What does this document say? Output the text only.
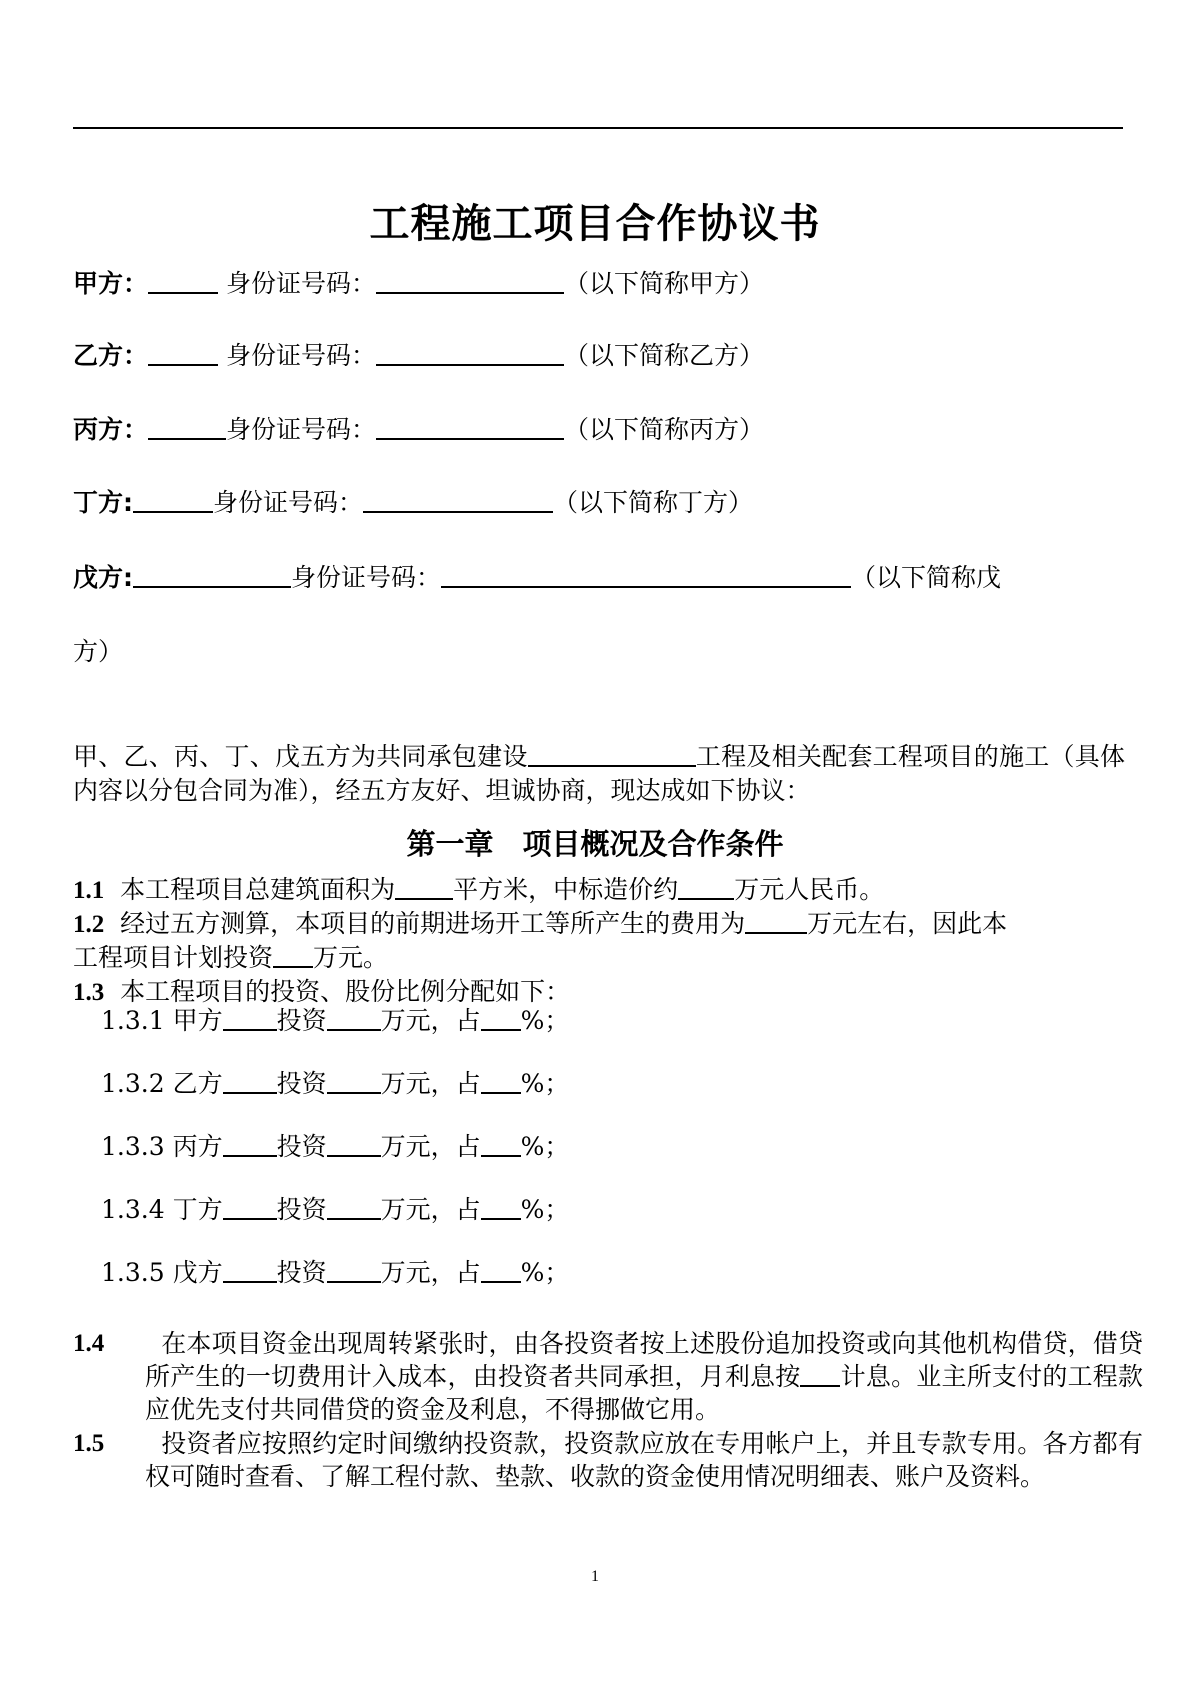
工程施工项目合作协议书
甲方：	身份证号码：	（以下简称甲方）
乙方：	身份证号码：	（以下简称乙方）
丙方：	身份证号码：	（以下简称丙方）
丁方:	身份证号码：	（以下简称丁方）
戊方:	身份证号码：	（以下简称戊
方）
甲、乙、丙、丁、戊五方为共同承包建设	工程及相关配套工程项目的施工（具体内容以分包合同为准），经五方友好、坦诚协商，现达成如下协议：
第一章　项目概况及合作条件
1.1 本工程项目总建筑面积为 平方米，中标造价约 万元人民币。
1.2 经过五方测算，本项目的前期进场开工等所产生的费用为 万元左右，因此本
工程项目计划投资 万元。
1.3 本工程项目的投资、股份比例分配如下：
1.3.1 甲方 投资 万元，占 %；
1.3.2 乙方 投资 万元，占 %；
1.3.3 丙方 投资 万元，占 %；
1.3.4 丁方 投资 万元，占 %；
1.3.5 戊方 投资 万元，占 %；
1.4	在本项目资金出现周转紧张时，由各投资者按上述股份追加投资或向其他机构借贷，借贷所产生的一切费用计入成本，由投资者共同承担，月利息按 计息。业主所支付的工程款应优先支付共同借贷的资金及利息，不得挪做它用。
1.5	投资者应按照约定时间缴纳投资款，投资款应放在专用帐户上，并且专款专用。各方都有权可随时查看、了解工程付款、垫款、收款的资金使用情况明细表、账户及资料。
1
